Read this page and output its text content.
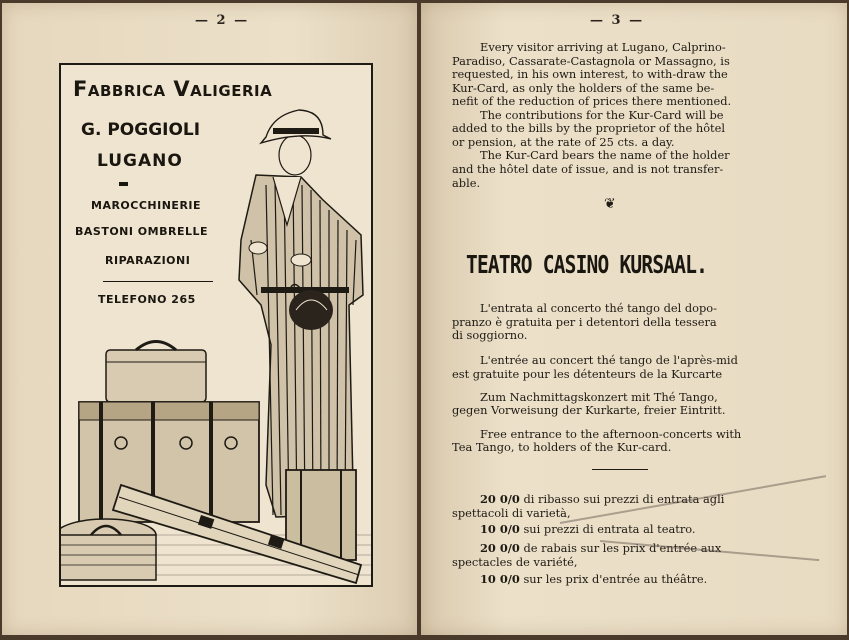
— 2 —
Fabbrica Valigeria
G. POGGIOLI
LUGANO
MAROCCHINERIE
BASTONI OMBRELLE
RIPARAZIONI
TELEFONO 265
— 3 —
Every visitor arriving at Lugano, Calprino-
Paradiso, Cassarate-Castagnola or Massagno, is
requested, in his own interest, to with-draw the
Kur-Card, as only the holders of the same be-
nefit of the reduction of prices there mentioned.
The contributions for the Kur-Card will be
added to the bills by the proprietor of the hôtel
or pension, at the rate of 25 cts. a day.
The Kur-Card bears the name of the holder
and the hôtel date of issue, and is not transfer-
able.
❦
TEATRO CASINO KURSAAL.
L'entrata al concerto thé tango del dopo-
pranzo è gratuita per i detentori della tessera
di soggiorno.
L'entrée au concert thé tango de l'après-mid
est gratuite pour les détenteurs de la Kurcarte
Zum Nachmittagskonzert mit Thé Tango,
gegen Vorweisung der Kurkarte, freier Eintritt.
Free entrance to the afternoon-concerts with
Tea Tango, to holders of the Kur-card.
20 0/0 di ribasso sui prezzi di entrata agli
spettacoli di varietà,
10 0/0 sui prezzi di entrata al teatro.
20 0/0 de rabais sur les prix d'entrée aux
spectacles de variété,
10 0/0 sur les prix d'entrée au théâtre.
